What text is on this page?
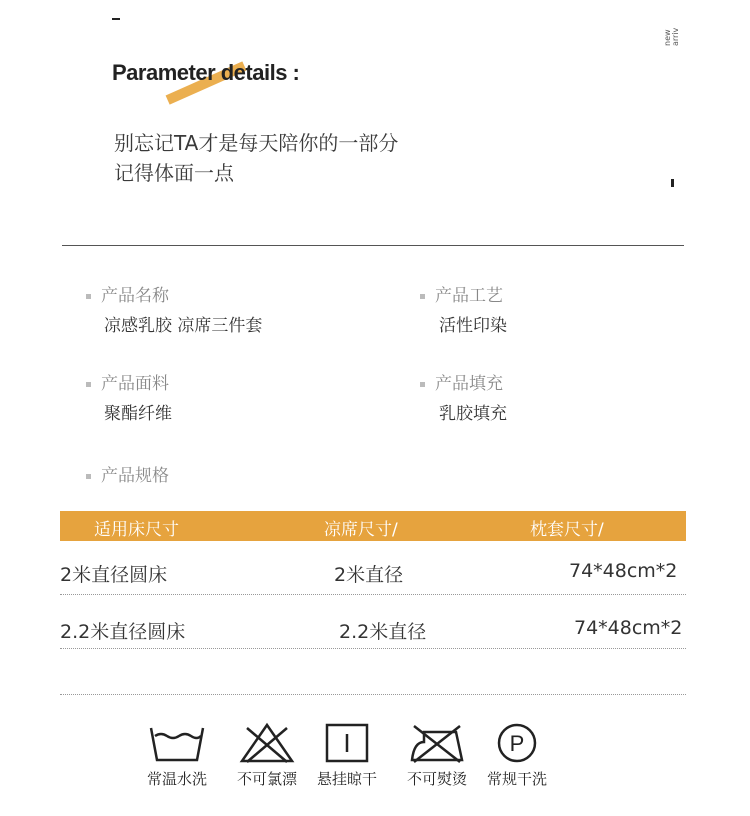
new arriv
Parameter details :
别忘记TA才是每天陪你的一部分
记得体面一点
产品名称
凉感乳胶 凉席三件套
产品工艺
活性印染
产品面料
聚酯纤维
产品填充
乳胶填充
产品规格
适用床尺寸	凉席尺寸/	枕套尺寸/
2米直径圆床	2米直径	74*48cm*2
2.2米直径圆床	2.2米直径	74*48cm*2
常温水洗	不可氯漂	悬挂晾干	不可熨烫
P
常规干洗
